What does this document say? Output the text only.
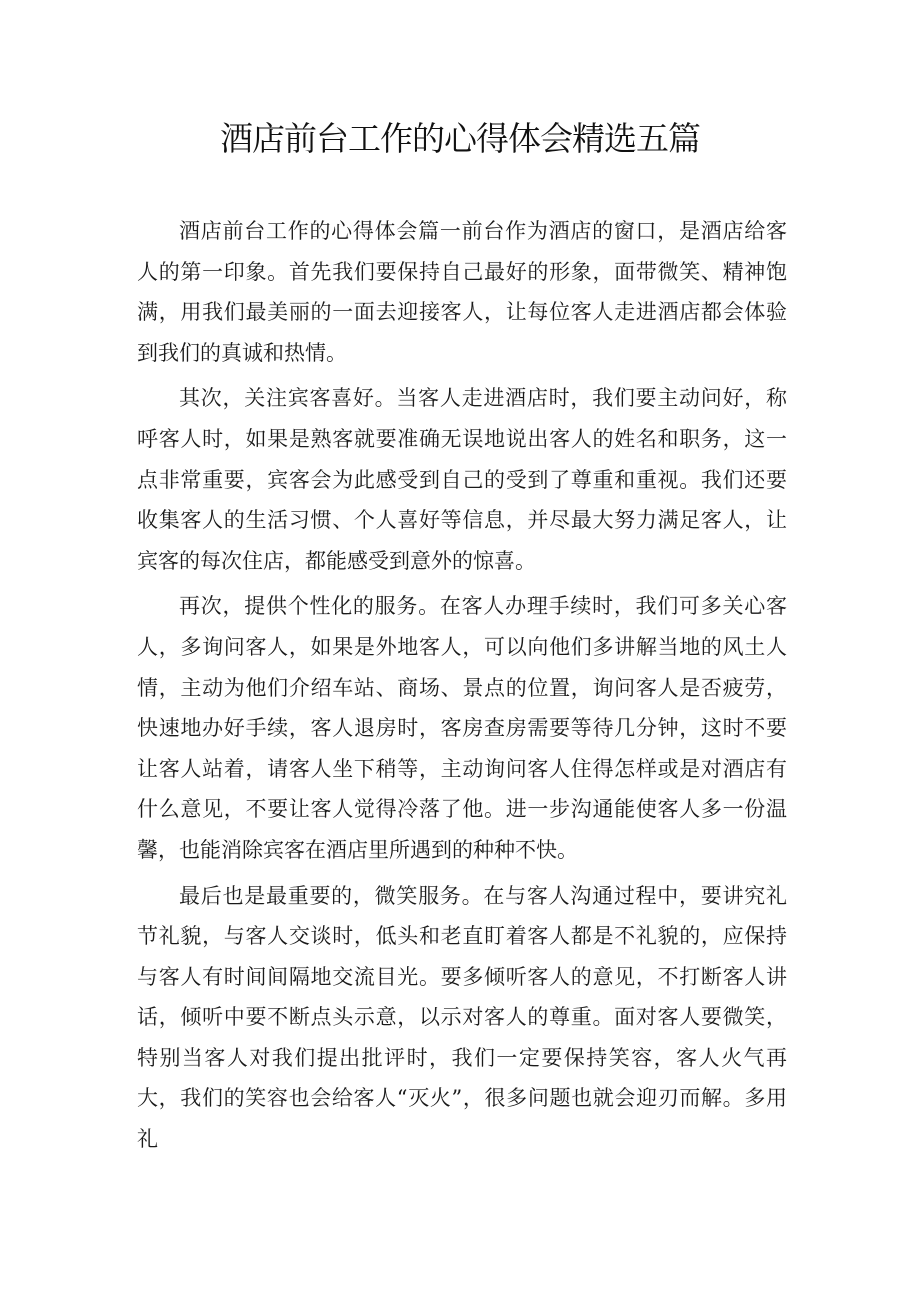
酒店前台工作的心得体会精选五篇

酒店前台工作的心得体会篇一前台作为酒店的窗口，是酒店给客人的第一印象。首先我们要保持自己最好的形象，面带微笑、精神饱满，用我们最美丽的一面去迎接客人，让每位客人走进酒店都会体验到我们的真诚和热情。

其次，关注宾客喜好。当客人走进酒店时，我们要主动问好，称呼客人时，如果是熟客就要准确无误地说出客人的姓名和职务，这一点非常重要，宾客会为此感受到自己的受到了尊重和重视。我们还要收集客人的生活习惯、个人喜好等信息，并尽最大努力满足客人，让宾客的每次住店，都能感受到意外的惊喜。

再次，提供个性化的服务。在客人办理手续时，我们可多关心客人，多询问客人，如果是外地客人，可以向他们多讲解当地的风土人情，主动为他们介绍车站、商场、景点的位置，询问客人是否疲劳，快速地办好手续，客人退房时，客房查房需要等待几分钟，这时不要让客人站着，请客人坐下稍等，主动询问客人住得怎样或是对酒店有什么意见，不要让客人觉得冷落了他。进一步沟通能使客人多一份温馨，也能消除宾客在酒店里所遇到的种种不快。

最后也是最重要的，微笑服务。在与客人沟通过程中，要讲究礼节礼貌，与客人交谈时，低头和老直盯着客人都是不礼貌的，应保持与客人有时间间隔地交流目光。要多倾听客人的意见，不打断客人讲话，倾听中要不断点头示意，以示对客人的尊重。面对客人要微笑，特别当客人对我们提出批评时，我们一定要保持笑容，客人火气再大，我们的笑容也会给客人“灭火”，很多问题也就会迎刃而解。多用礼
